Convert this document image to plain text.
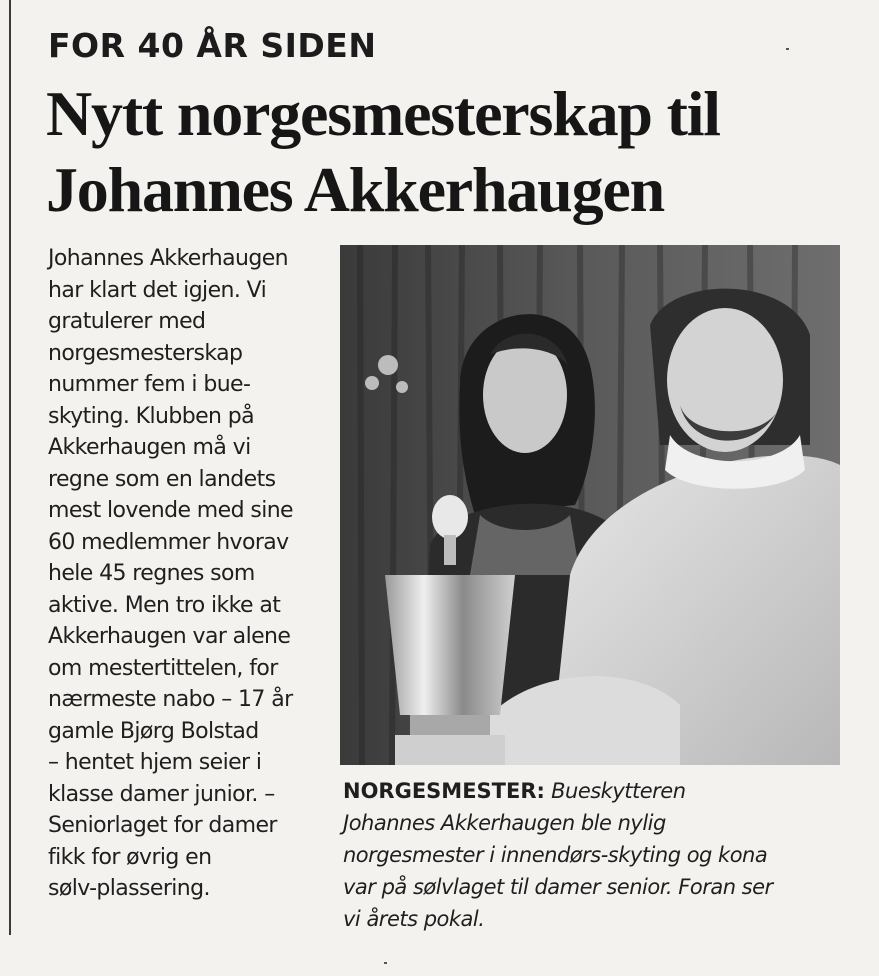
FOR 40 ÅR SIDEN
Nytt norgesmesterskap til
Johannes Akkerhaugen
Johannes Akkerhaugen
har klart det igjen. Vi
gratulerer med
norgesmesterskap
nummer fem i bue-
skyting. Klubben på
Akkerhaugen må vi
regne som en landets
mest lovende med sine
60 medlemmer hvorav
hele 45 regnes som
aktive. Men tro ikke at
Akkerhaugen var alene
om mestertittelen, for
nærmeste nabo – 17 år
gamle Bjørg Bolstad
– hentet hjem seier i
klasse damer junior. –
Seniorlaget for damer
fikk for øvrig en
sølv-plassering.
NORGESMESTER: Bueskytteren
Johannes Akkerhaugen ble nylig
norgesmester i innendørs-skyting og kona
var på sølvlaget til damer senior. Foran ser
vi årets pokal.
